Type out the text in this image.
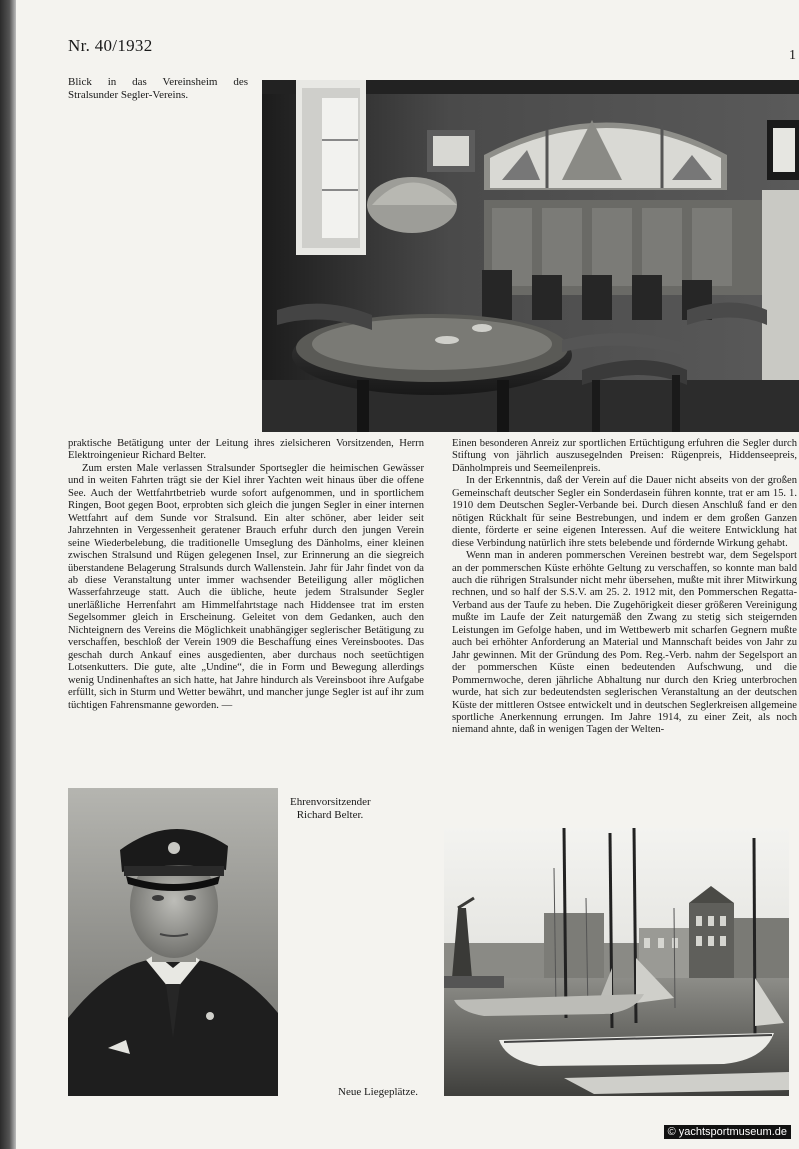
Nr. 40/1932
1
Blick in das Vereinsheim des Stralsunder Segler-Vereins.

praktische Betätigung unter der Leitung ihres zielsicheren Vorsitzenden, Herrn Elektroingenieur Richard Belter.

Zum ersten Male verlassen Stralsunder Sportsegler die heimischen Gewässer und in weiten Fahrten trägt sie der Kiel ihrer Yachten weit hinaus über die offene See. Auch der Wettfahrtbetrieb wurde sofort aufgenommen, und in sportlichem Ringen, Boot gegen Boot, erprobten sich gleich die jungen Segler in einer internen Wettfahrt auf dem Sunde vor Stralsund. Ein alter schöner, aber leider seit Jahrzehnten in Vergessenheit geratener Brauch erfuhr durch den jungen Verein seine Wiederbelebung, die traditionelle Umseglung des Dänholms, einer kleinen zwischen Stralsund und Rügen gelegenen Insel, zur Erinnerung an die siegreich überstandene Belagerung Stralsunds durch Wallenstein. Jahr für Jahr findet von da ab diese Veranstaltung unter immer wachsender Beteiligung aller möglichen Wasserfahrzeuge statt. Auch die übliche, heute jedem Stralsunder Segler unerläßliche Herrenfahrt am Himmelfahrtstage nach Hiddensee trat im ersten Segelsommer gleich in Erscheinung. Geleitet von dem Gedanken, auch den Nichteignern des Vereins die Möglichkeit unabhängiger seglerischer Betätigung zu verschaffen, beschloß der Verein 1909 die Beschaffung eines Vereinsbootes. Das geschah durch Ankauf eines ausgedienten, aber durchaus noch seetüchtigen Lotsenkutters. Die gute, alte „Undine“, die in Form und Bewegung allerdings wenig Undinenhaftes an sich hatte, hat Jahre hindurch als Vereinsboot ihre Aufgabe erfüllt, sich in Sturm und Wetter bewährt, und mancher junge Segler ist auf ihr zum tüchtigen Fahrensmanne geworden. —

Einen besonderen Anreiz zur sportlichen Ertüchtigung erfuhren die Segler durch Stiftung von jährlich auszusegelnden Preisen: Rügenpreis, Hiddenseepreis, Dänholmpreis und Seemeilenpreis.

In der Erkenntnis, daß der Verein auf die Dauer nicht abseits von der großen Gemeinschaft deutscher Segler ein Sonderdasein führen konnte, trat er am 15. 1. 1910 dem Deutschen Segler-Verbande bei. Durch diesen Anschluß fand er den nötigen Rückhalt für seine Bestrebungen, und indem er dem großen Ganzen diente, förderte er seine eigenen Interessen. Auf die weitere Entwicklung hat diese Verbindung natürlich ihre stets belebende und fördernde Wirkung gehabt.

Wenn man in anderen pommerschen Vereinen bestrebt war, dem Segelsport an der pommerschen Küste erhöhte Geltung zu verschaffen, so konnte man bald auch die rührigen Stralsunder nicht mehr übersehen, mußte mit ihrer Mitwirkung rechnen, und so half der S.S.V. am 25. 2. 1912 mit, den Pommerschen Regatta-Verband aus der Taufe zu heben. Die Zugehörigkeit dieser größeren Vereinigung mußte im Laufe der Zeit naturgemäß den Zwang zu stetig sich steigernden Leistungen im Gefolge haben, und im Wettbewerb mit scharfen Gegnern mußte auch bei erhöhter Anforderung an Material und Mannschaft beides von Jahr zu Jahr gewinnen. Mit der Gründung des Pom. Reg.-Verb. nahm der Segelsport an der pommerschen Küste einen bedeutenden Aufschwung, und die Pommernwoche, deren jährliche Abhaltung nur durch den Krieg unterbrochen wurde, hat sich zur bedeutendsten seglerischen Veranstaltung an der deutschen Küste der mittleren Ostsee entwickelt und in deutschen Seglerkreisen allgemeine sportliche Anerkennung errungen. Im Jahre 1914, zu einer Zeit, als noch niemand ahnte, daß in wenigen Tagen der Welten-

Ehrenvorsitzender
Richard Belter.
Neue Liegeplätze.
© yachtsportmuseum.de
